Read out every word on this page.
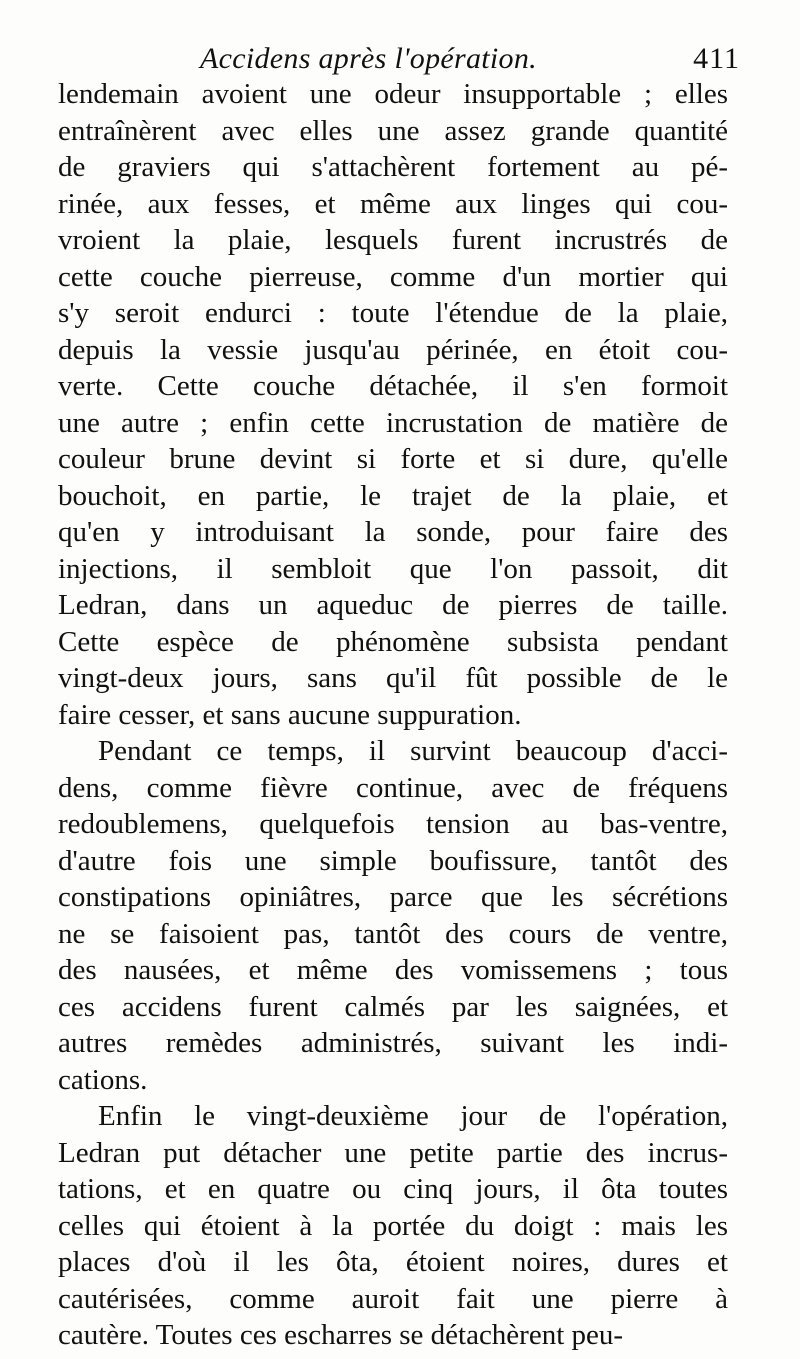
Accidens après l'opération.	411
lendemain avoient une odeur insupportable ; elles
entraînèrent avec elles une assez grande quantité
de graviers qui s'attachèrent fortement au pé-
rinée, aux fesses, et même aux linges qui cou-
vroient la plaie, lesquels furent incrustrés de
cette couche pierreuse, comme d'un mortier qui
s'y seroit endurci : toute l'étendue de la plaie,
depuis la vessie jusqu'au périnée, en étoit cou-
verte. Cette couche détachée, il s'en formoit
une autre ; enfin cette incrustation de matière de
couleur brune devint si forte et si dure, qu'elle
bouchoit, en partie, le trajet de la plaie, et
qu'en y introduisant la sonde, pour faire des
injections, il sembloit que l'on passoit, dit
Ledran, dans un aqueduc de pierres de taille.
Cette espèce de phénomène subsista pendant
vingt-deux jours, sans qu'il fût possible de le
faire cesser, et sans aucune suppuration.
Pendant ce temps, il survint beaucoup d'acci-
dens, comme fièvre continue, avec de fréquens
redoublemens, quelquefois tension au bas-ventre,
d'autre fois une simple boufissure, tantôt des
constipations opiniâtres, parce que les sécrétions
ne se faisoient pas, tantôt des cours de ventre,
des nausées, et même des vomissemens ; tous
ces accidens furent calmés par les saignées, et
autres remèdes administrés, suivant les indi-
cations.
Enfin le vingt-deuxième jour de l'opération,
Ledran put détacher une petite partie des incrus-
tations, et en quatre ou cinq jours, il ôta toutes
celles qui étoient à la portée du doigt : mais les
places d'où il les ôta, étoient noires, dures et
cautérisées, comme auroit fait une pierre à
cautère. Toutes ces escharres se détachèrent peu-
